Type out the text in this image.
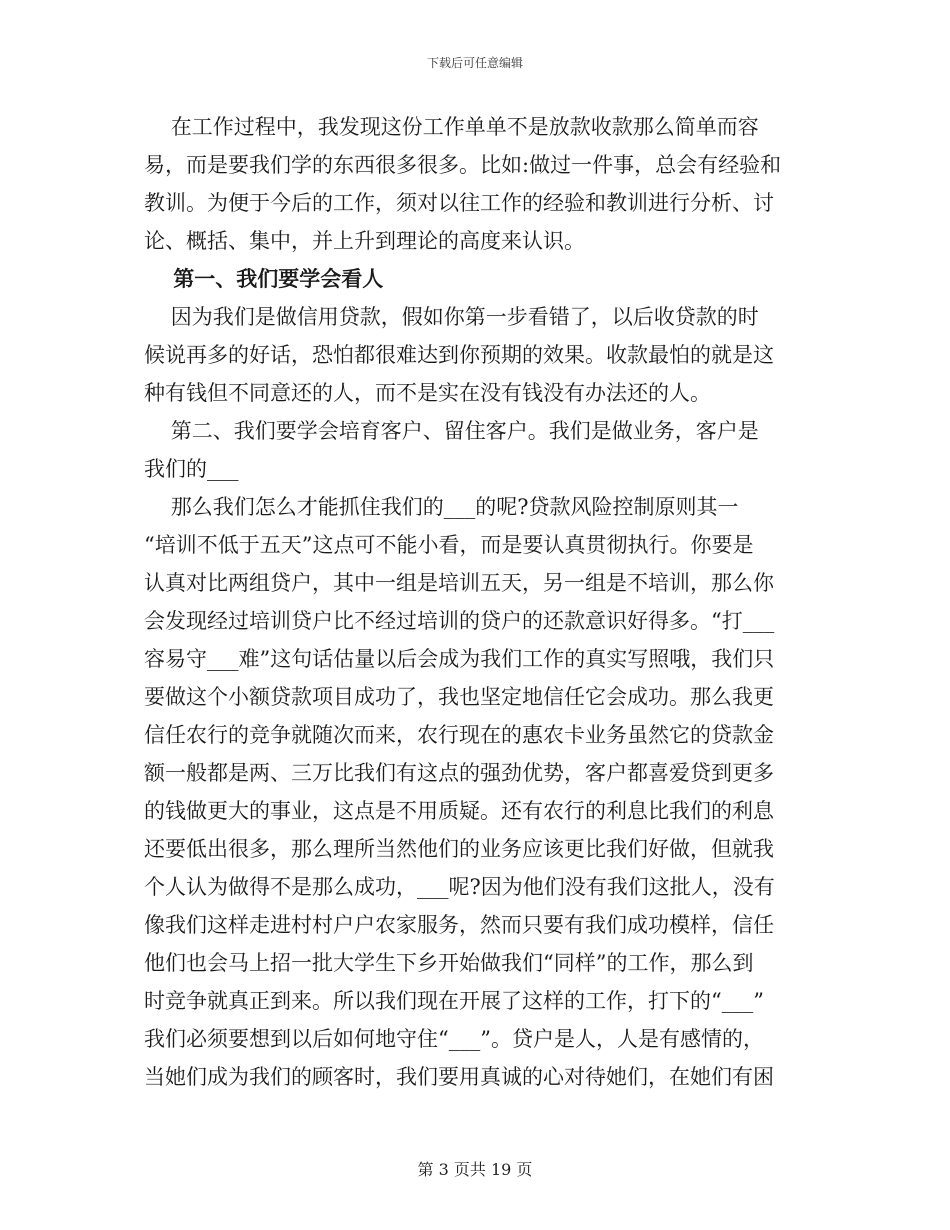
下载后可任意编辑
在工作过程中，我发现这份工作单单不是放款收款那么简单而容
易，而是要我们学的东西很多很多。比如:做过一件事，总会有经验和
教训。为便于今后的工作，须对以往工作的经验和教训进行分析、讨
论、概括、集中，并上升到理论的高度来认识。
第一、我们要学会看人
因为我们是做信用贷款，假如你第一步看错了，以后收贷款的时
候说再多的好话，恐怕都很难达到你预期的效果。收款最怕的就是这
种有钱但不同意还的人，而不是实在没有钱没有办法还的人。
第二、我们要学会培育客户、留住客户。我们是做业务，客户是
我们的___
那么我们怎么才能抓住我们的___的呢?贷款风险控制原则其一
“培训不低于五天”这点可不能小看，而是要认真贯彻执行。你要是
认真对比两组贷户，其中一组是培训五天，另一组是不培训，那么你
会发现经过培训贷户比不经过培训的贷户的还款意识好得多。“打___
容易守___难”这句话估量以后会成为我们工作的真实写照哦，我们只
要做这个小额贷款项目成功了，我也坚定地信任它会成功。那么我更
信任农行的竞争就随次而来，农行现在的惠农卡业务虽然它的贷款金
额一般都是两、三万比我们有这点的强劲优势，客户都喜爱贷到更多
的钱做更大的事业，这点是不用质疑。还有农行的利息比我们的利息
还要低出很多，那么理所当然他们的业务应该更比我们好做，但就我
个人认为做得不是那么成功，___呢?因为他们没有我们这批人，没有
像我们这样走进村村户户农家服务，然而只要有我们成功模样，信任
他们也会马上招一批大学生下乡开始做我们“同样”的工作，那么到
时竞争就真正到来。所以我们现在开展了这样的工作，打下的“___”
我们必须要想到以后如何地守住“___”。贷户是人，人是有感情的，
当她们成为我们的顾客时，我们要用真诚的心对待她们，在她们有困
第 3 页共 19 页
